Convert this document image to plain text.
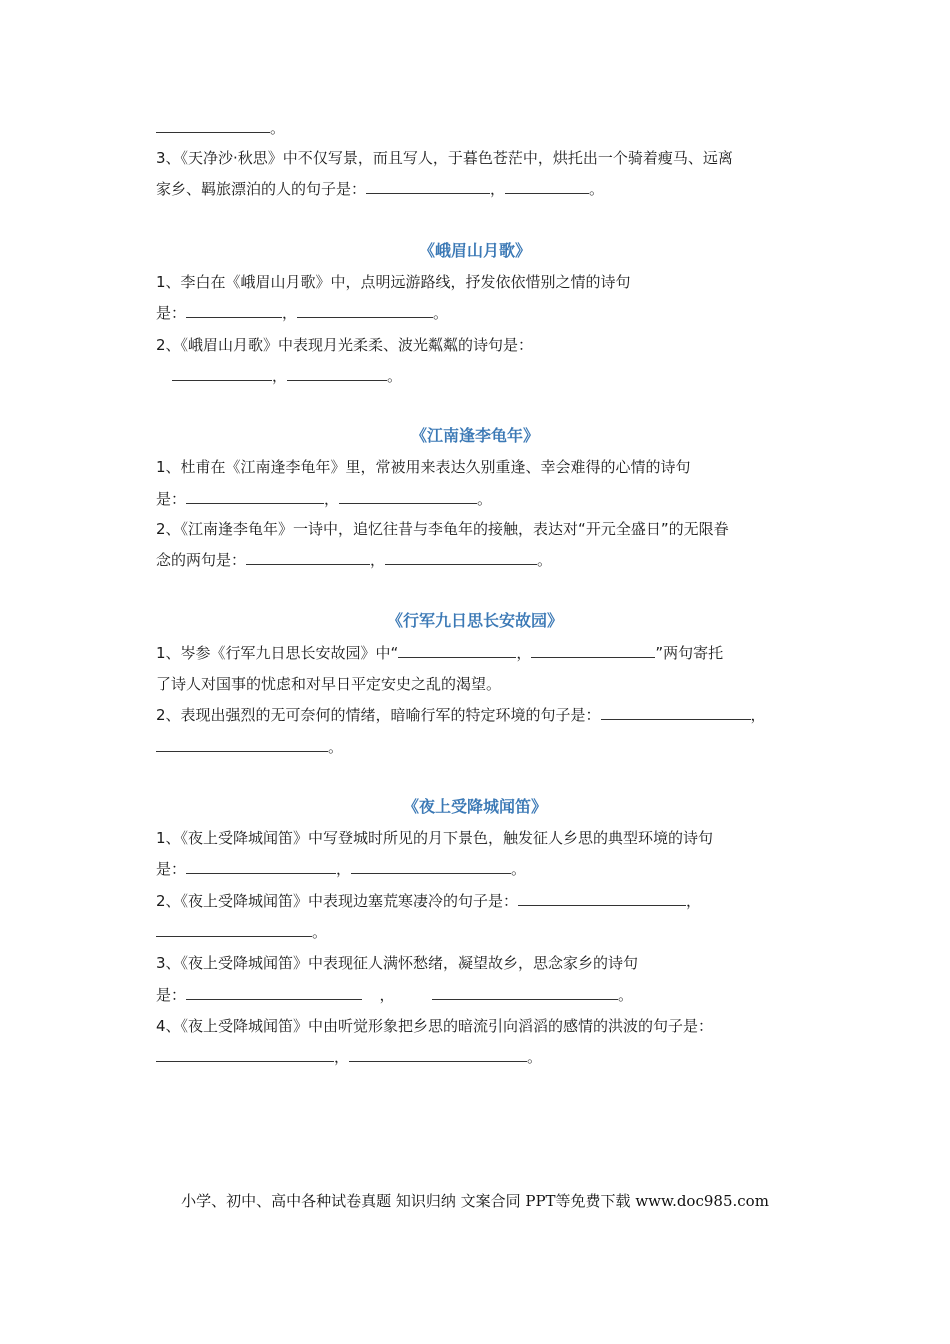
。
3、《天净沙·秋思》中不仅写景，而且写人，于暮色苍茫中，烘托出一个骑着瘦马、远离
家乡、羁旅漂泊的人的句子是：	，	。
《峨眉山月歌》
1、李白在《峨眉山月歌》中，点明远游路线，抒发依依惜别之情的诗句
是：	，	。
2、《峨眉山月歌》中表现月光柔柔、波光粼粼的诗句是：
，	。
《江南逢李龟年》
1、杜甫在《江南逢李龟年》里，常被用来表达久别重逢、幸会难得的心情的诗句
是：	，	。
2、《江南逢李龟年》一诗中，追忆往昔与李龟年的接触，表达对“开元全盛日”的无限眷
念的两句是：	，	。
《行军九日思长安故园》
1、岑参《行军九日思长安故园》中“	，	”两句寄托
了诗人对国事的忧虑和对早日平定安史之乱的渴望。
2、表现出强烈的无可奈何的情绪，暗喻行军的特定环境的句子是：	，
。
《夜上受降城闻笛》
1、《夜上受降城闻笛》中写登城时所见的月下景色，触发征人乡思的典型环境的诗句
是：	，	。
2、《夜上受降城闻笛》中表现边塞荒寒凄冷的句子是：	，
。
3、《夜上受降城闻笛》中表现征人满怀愁绪，凝望故乡，思念家乡的诗句
是：	，	。
4、《夜上受降城闻笛》中由听觉形象把乡思的暗流引向滔滔的感情的洪波的句子是：
，	。
小学、初中、高中各种试卷真题 知识归纳 文案合同 PPT等免费下载 www.doc985.com
